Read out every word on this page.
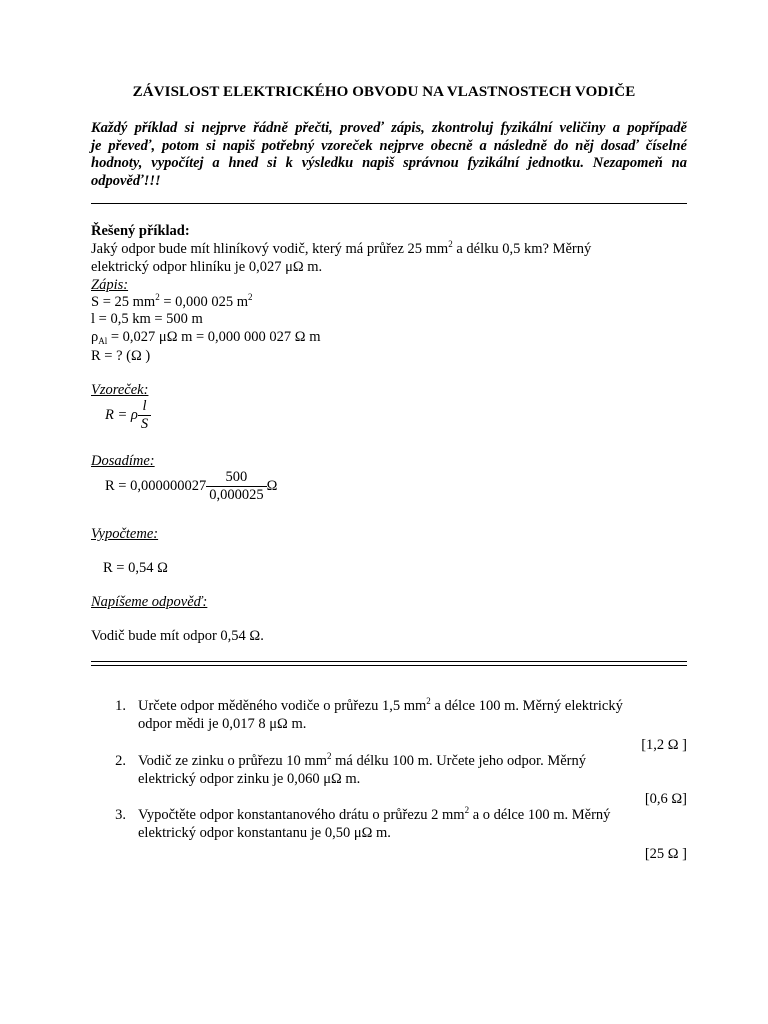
ZÁVISLOST ELEKTRICKÉHO OBVODU NA VLASTNOSTECH VODIČE
Každý příklad si nejprve řádně přečti, proveď zápis, zkontroluj fyzikální veličiny a popřípadě
je převeď, potom si napiš potřebný vzoreček nejprve obecně a následně do něj dosaď číselné
hodnoty, vypočítej a hned si k výsledku napiš správnou fyzikální jednotku. Nezapomeň na
odpověď!!!
Řešený příklad:
Jaký odpor bude mít hliníkový vodič, který má průřez 25 $mm^2$ a délku 0,5 km? Měrný
elektrický odpor hliníku je 0,027 μΩ m.
Zápis:
S = 25 $mm^2 = 0,000$ 025 $m^2$
l = 0,5 km = 500 m
$\rho_{Al} = 0,027$ μΩ m = 0,000 000 027 Ω m
R = ? (Ω )
Vzoreček:
R = ρ $\frac{l}{S}$
Dosadíme:
$R = 0,000000027 \frac{500}{0,000025}$ Ω
Vypočteme:
R = 0,54 Ω
Napíšeme odpověď:
Vodič bude mít odpor 0,54 Ω.
1. Určete odpor měděného vodiče o průřezu 1,5 $mm^2$ a délce 100 m. Měrný elektrický
odpor mědi je 0,017 8 μΩ m.
[1,2 Ω ]
2. Vodič ze zinku o průřezu 10 $mm^2$ má délku 100 m. Určete jeho odpor. Měrný
elektrický odpor zinku je 0,060 μΩ m.
[0,6 Ω]
3. Vypočtěte odpor konstantanového drátu o průřezu 2 $mm^2$ a o délce 100 m. Měrný
elektrický odpor konstantanu je 0,50 μΩ m.
[25 Ω ]
